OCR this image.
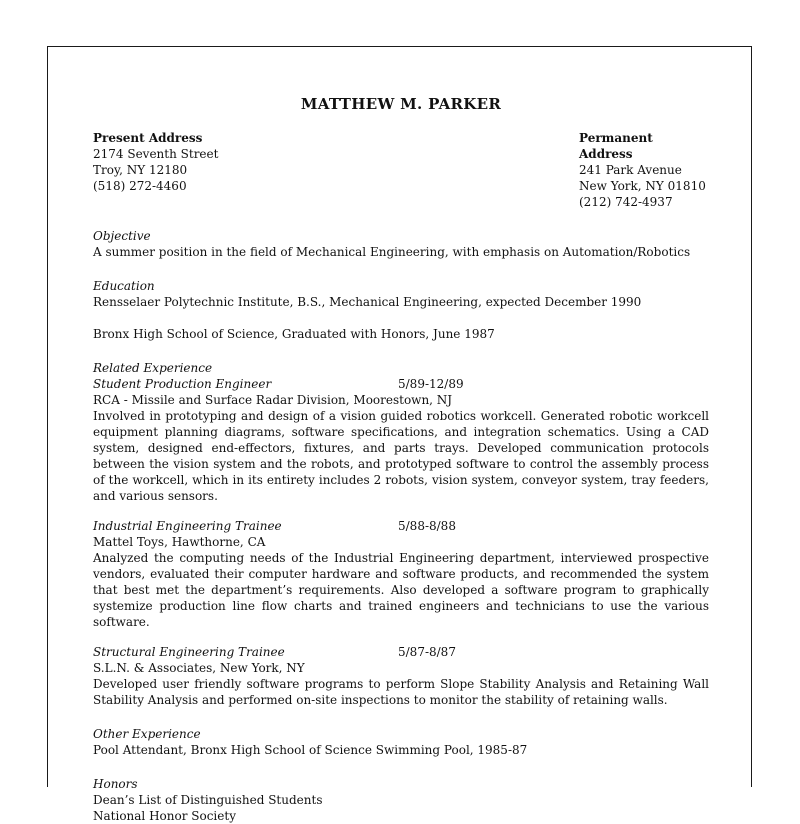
MATTHEW M. PARKER
Present Address
2174 Seventh Street
Troy, NY 12180
(518) 272-4460
Permanent Address
241 Park Avenue
New York, NY 01810
(212) 742-4937
Objective
A summer position in the field of Mechanical Engineering, with emphasis on Automation/Robotics
Education
Rensselaer Polytechnic Institute, B.S., Mechanical Engineering, expected December 1990
Bronx High School of Science, Graduated with Honors, June 1987
Related Experience
Student Production Engineer	5/89-12/89
RCA - Missile and Surface Radar Division, Moorestown, NJ

Involved in prototyping and design of a vision guided robotics workcell. Generated robotic workcell equipment planning diagrams, software specifications, and integration schematics. Using a CAD system, designed end-effectors, fixtures, and parts trays. Developed communication protocols between the vision system and the robots, and prototyped software to control the assembly process of the workcell, which in its entirety includes 2 robots, vision system, conveyor system, tray feeders, and various sensors.

Industrial Engineering Trainee	5/88-8/88
Mattel Toys, Hawthorne, CA

Analyzed the computing needs of the Industrial Engineering department, interviewed prospective vendors, evaluated their computer hardware and software products, and recommended the system that best met the department’s requirements. Also developed a software program to graphically systemize production line flow charts and trained engineers and technicians to use the various software.

Structural Engineering Trainee	5/87-8/87
S.L.N. & Associates, New York, NY

Developed user friendly software programs to perform Slope Stability Analysis and Retaining Wall Stability Analysis and performed on-site inspections to monitor the stability of retaining walls.

Other Experience
Pool Attendant, Bronx High School of Science Swimming Pool, 1985-87
Honors
Dean’s List of Distinguished Students
National Honor Society
